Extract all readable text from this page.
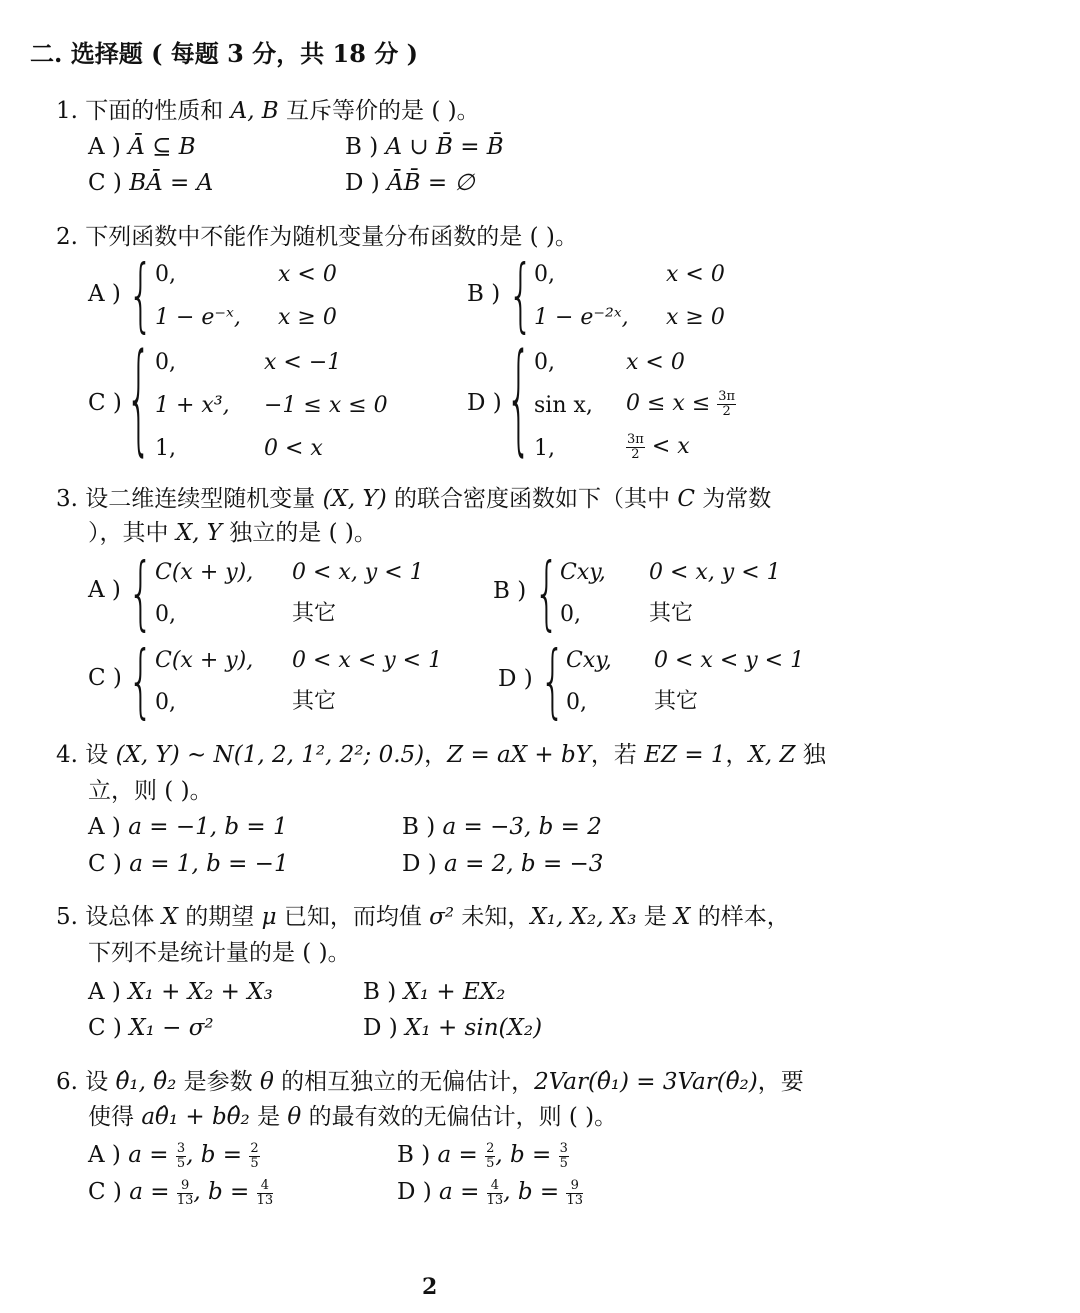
二. 选择题 ( 每题 3 分，共 18 分 )
1. 下面的性质和 A, B 互斥等价的是 ( )。
A ) Ā ⊆ B	B ) A ∪ B̄ = B̄
C ) BĀ = A	D ) ĀB̄ = ∅
2. 下列函数中不能作为随机变量分布函数的是 ( )。
A ) { 0,	x < 0
1 − e⁻ˣ, x ≥ 0
B ) { 0,	x < 0
1 − e⁻²ˣ, x ≥ 0
C ) { 0,	x < −1
1 + x³, −1 ≤ x ≤ 0
1,	0 < x
D ) { 0,	x < 0
sin x, $0 \le x \le \frac{3\pi}{2}$
1,	$\frac{3\pi}{2} < x$
3. 设二维连续型随机变量 (X, Y) 的联合密度函数如下（其中 C 为常数
），其中 X, Y 独立的是 ( )。
A ) { C(x + y), 0 < x, y < 1
0,	其它
B ) { Cxy, 0 < x, y < 1
0,	其它
C ) { C(x + y), 0 < x < y < 1
0,	其它
D ) { Cxy, 0 < x < y < 1
0,	其它
4. 设 (X, Y) ∼ N(1, 2, 1², 2²; 0.5)，Z = aX + bY，若 EZ = 1，X, Z 独
立，则 ( )。
A ) a = −1, b = 1	B ) a = −3, b = 2
C ) a = 1, b = −1	D ) a = 2, b = −3
5. 设总体 X 的期望 μ 已知，而均值 σ² 未知，X₁, X₂, X₃ 是 X 的样本，
下列不是统计量的是 ( )。
A ) X₁ + X₂ + X₃	B ) X₁ + EX₂
C ) X₁ − σ²	D ) X₁ + sin(X₂)
6. 设 θ̂₁, θ̂₂ 是参数 θ 的相互独立的无偏估计，2Var(θ̂₁) = 3Var(θ̂₂)，要
使得 aθ̂₁ + bθ̂₂ 是 θ 的最有效的无偏估计，则 ( )。
A ) $a = \frac{3}{5}$ , $b = \frac{2}{5}$	B ) $a = \frac{2}{5}$ , $b = \frac{3}{5}$
C ) $a = \frac{9}{13}$ , $b = \frac{4}{13}$	D ) $a = \frac{4}{13}$ , $b = \frac{9}{13}$
2
